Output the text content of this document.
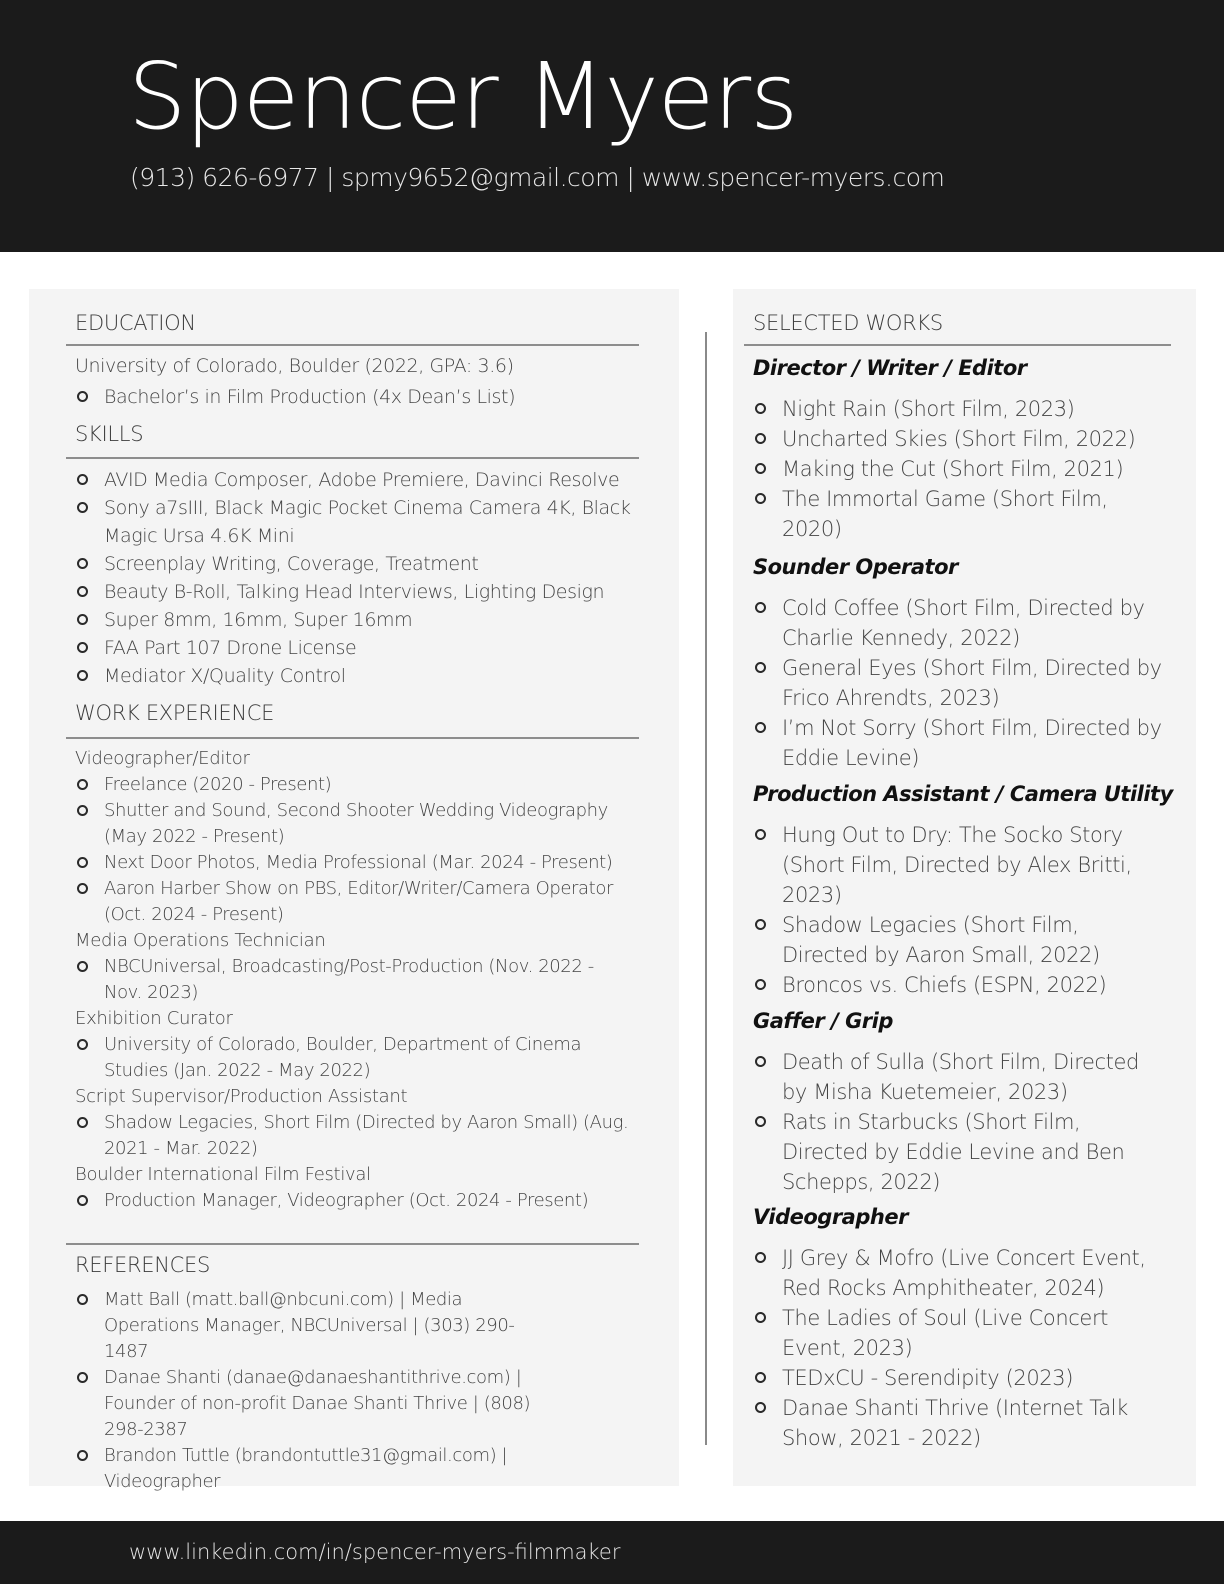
Spencer Myers
(913) 626-6977 | spmy9652@gmail.com | www.spencer-myers.com
EDUCATION
University of Colorado, Boulder (2022, GPA: 3.6)
Bachelor’s in Film Production (4x Dean’s List)
SKILLS
AVID Media Composer, Adobe Premiere, Davinci Resolve
Sony a7sIII, Black Magic Pocket Cinema Camera 4K, Black Magic Ursa 4.6K Mini
Screenplay Writing, Coverage, Treatment
Beauty B-Roll, Talking Head Interviews, Lighting Design
Super 8mm, 16mm, Super 16mm
FAA Part 107 Drone License
Mediator X/Quality Control
WORK EXPERIENCE
Videographer/Editor
Freelance (2020 - Present)
Shutter and Sound, Second Shooter Wedding Videography (May 2022 - Present)
Next Door Photos, Media Professional (Mar. 2024 - Present)
Aaron Harber Show on PBS, Editor/Writer/Camera Operator (Oct. 2024 - Present)
Media Operations Technician
NBCUniversal, Broadcasting/Post-Production (Nov. 2022 - Nov. 2023)
Exhibition Curator
University of Colorado, Boulder, Department of Cinema Studies (Jan. 2022 - May 2022)
Script Supervisor/Production Assistant
Shadow Legacies, Short Film (Directed by Aaron Small) (Aug. 2021 - Mar. 2022)
Boulder International Film Festival
Production Manager, Videographer (Oct. 2024 - Present)
REFERENCES
Matt Ball (matt.ball@nbcuni.com) | Media Operations Manager, NBCUniversal | (303) 290-1487
Danae Shanti (danae@danaeshantithrive.com) | Founder of non-profit Danae Shanti Thrive | (808) 298-2387
Brandon Tuttle (brandontuttle31@gmail.com) | Videographer
SELECTED WORKS
Director / Writer / Editor
Night Rain (Short Film, 2023)
Uncharted Skies (Short Film, 2022)
Making the Cut (Short Film, 2021)
The Immortal Game (Short Film, 2020)
Sounder Operator
Cold Coffee (Short Film, Directed by Charlie Kennedy, 2022)
General Eyes (Short Film, Directed by Frico Ahrendts, 2023)
I’m Not Sorry (Short Film, Directed by Eddie Levine)
Production Assistant / Camera Utility
Hung Out to Dry: The Socko Story (Short Film, Directed by Alex Britti, 2023)
Shadow Legacies (Short Film, Directed by Aaron Small, 2022)
Broncos vs. Chiefs (ESPN, 2022)
Gaffer / Grip
Death of Sulla (Short Film, Directed by Misha Kuetemeier, 2023)
Rats in Starbucks (Short Film, Directed by Eddie Levine and Ben Schepps, 2022)
Videographer
JJ Grey & Mofro (Live Concert Event, Red Rocks Amphitheater, 2024)
The Ladies of Soul (Live Concert Event, 2023)
TEDxCU - Serendipity (2023)
Danae Shanti Thrive (Internet Talk Show, 2021 - 2022)
www.linkedin.com/in/spencer-myers-filmmaker
